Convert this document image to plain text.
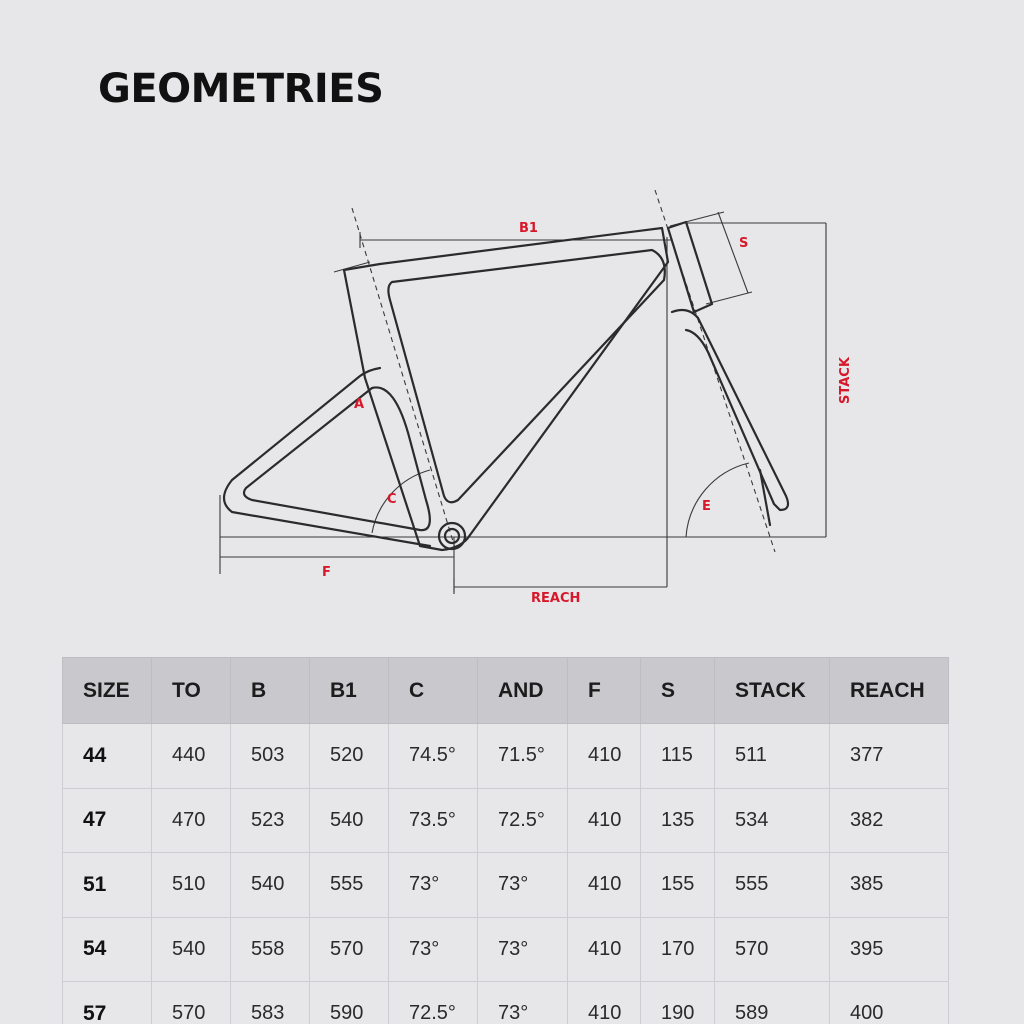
GEOMETRIES
B1
S
STACK
A
C	E
F
REACH
SIZE	TO	B	B1	C	AND	F	S	STACK	REACH
44	440	503	520	74.5°	71.5°	410	115	511	377
47	470	523	540	73.5°	72.5°	410	135	534	382
51	510	540	555	73°	73°	410	155	555	385
54	540	558	570	73°	73°	410	170	570	395
57	570	583	590	72.5°	73°	410	190	589	400
